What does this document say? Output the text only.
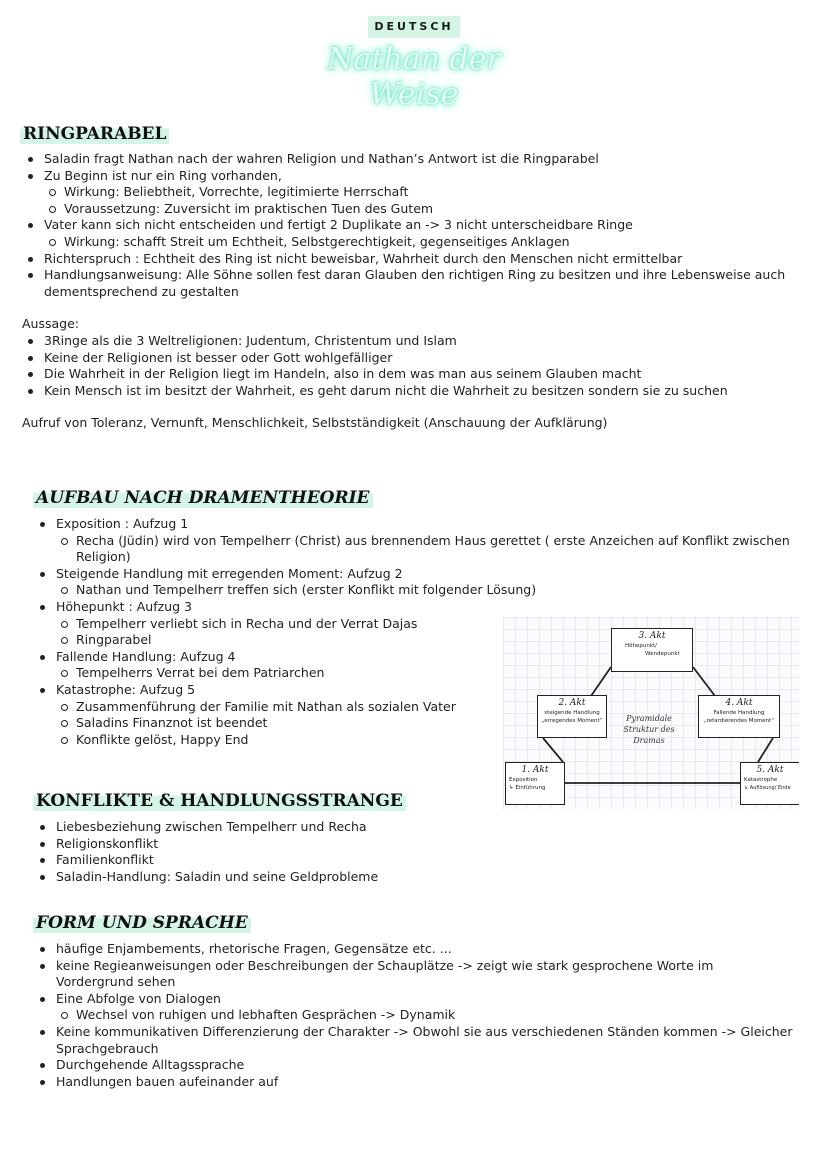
DEUTSCH
Nathan der Weise
RINGPARABEL
Saladin fragt Nathan nach der wahren Religion und Nathan’s Antwort ist die Ringparabel
Zu Beginn ist nur ein Ring vorhanden,
Wirkung: Beliebtheit, Vorrechte, legitimierte Herrschaft
Voraussetzung: Zuversicht im praktischen Tuen des Gutem
Vater kann sich nicht entscheiden und fertigt 2 Duplikate an -> 3 nicht unterscheidbare Ringe
Wirkung: schafft Streit um Echtheit, Selbstgerechtigkeit, gegenseitiges Anklagen
Richterspruch : Echtheit des Ring ist nicht beweisbar, Wahrheit durch den Menschen nicht ermittelbar
Handlungsanweisung: Alle Söhne sollen fest daran Glauben den richtigen Ring zu besitzen und ihre Lebensweise auch dementsprechend zu gestalten
Aussage:
3Ringe als die 3 Weltreligionen: Judentum, Christentum und Islam
Keine der Religionen ist besser oder Gott wohlgefälliger
Die Wahrheit in der Religion liegt im Handeln, also in dem was man aus seinem Glauben macht
Kein Mensch ist im besitzt der Wahrheit, es geht darum nicht die Wahrheit zu besitzen sondern sie zu suchen
Aufruf von Toleranz, Vernunft, Menschlichkeit, Selbstständigkeit (Anschauung der Aufklärung)
AUFBAU NACH DRAMENTHEORIE
Exposition : Aufzug 1
Recha (Jüdin) wird von Tempelherr (Christ) aus brennendem Haus gerettet ( erste Anzeichen auf Konflikt zwischen Religion)
Steigende Handlung mit erregenden Moment: Aufzug 2
Nathan und Tempelherr treffen sich (erster Konflikt mit folgender Lösung)
Höhepunkt : Aufzug 3
Tempelherr verliebt sich in Recha und der Verrat Dajas
Ringparabel
Fallende Handlung: Aufzug 4
Tempelherrs Verrat bei dem Patriarchen
Katastrophe: Aufzug 5
Zusammenführung der Familie mit Nathan als sozialen Vater
Saladins Finanznot ist beendet
Konflikte gelöst, Happy End
3. Akt
Höhepunkt/
Wendepunkt
2. Akt
steigende Handlung
„erregendes Moment“
4. Akt
Fallende Handlung
„retardierendes Moment“
Pyramidale Struktur des Dramas
1. Akt
Exposition
↳ Einführung
5. Akt
Katastrophe
↳ Auflösung/ Ende
KONFLIKTE & HANDLUNGSSTRANGE
Liebesbeziehung zwischen Tempelherr und Recha
Religionskonflikt
Familienkonflikt
Saladin-Handlung: Saladin und seine Geldprobleme
FORM UND SPRACHE
häufige Enjambements, rhetorische Fragen, Gegensätze etc. ...
keine Regieanweisungen oder Beschreibungen der Schauplätze -> zeigt wie stark gesprochene Worte im Vordergrund sehen
Eine Abfolge von Dialogen
Wechsel von ruhigen und lebhaften Gesprächen -> Dynamik
Keine kommunikativen Differenzierung der Charakter -> Obwohl sie aus verschiedenen Ständen kommen -> Gleicher Sprachgebrauch
Durchgehende Alltagssprache
Handlungen bauen aufeinander auf
